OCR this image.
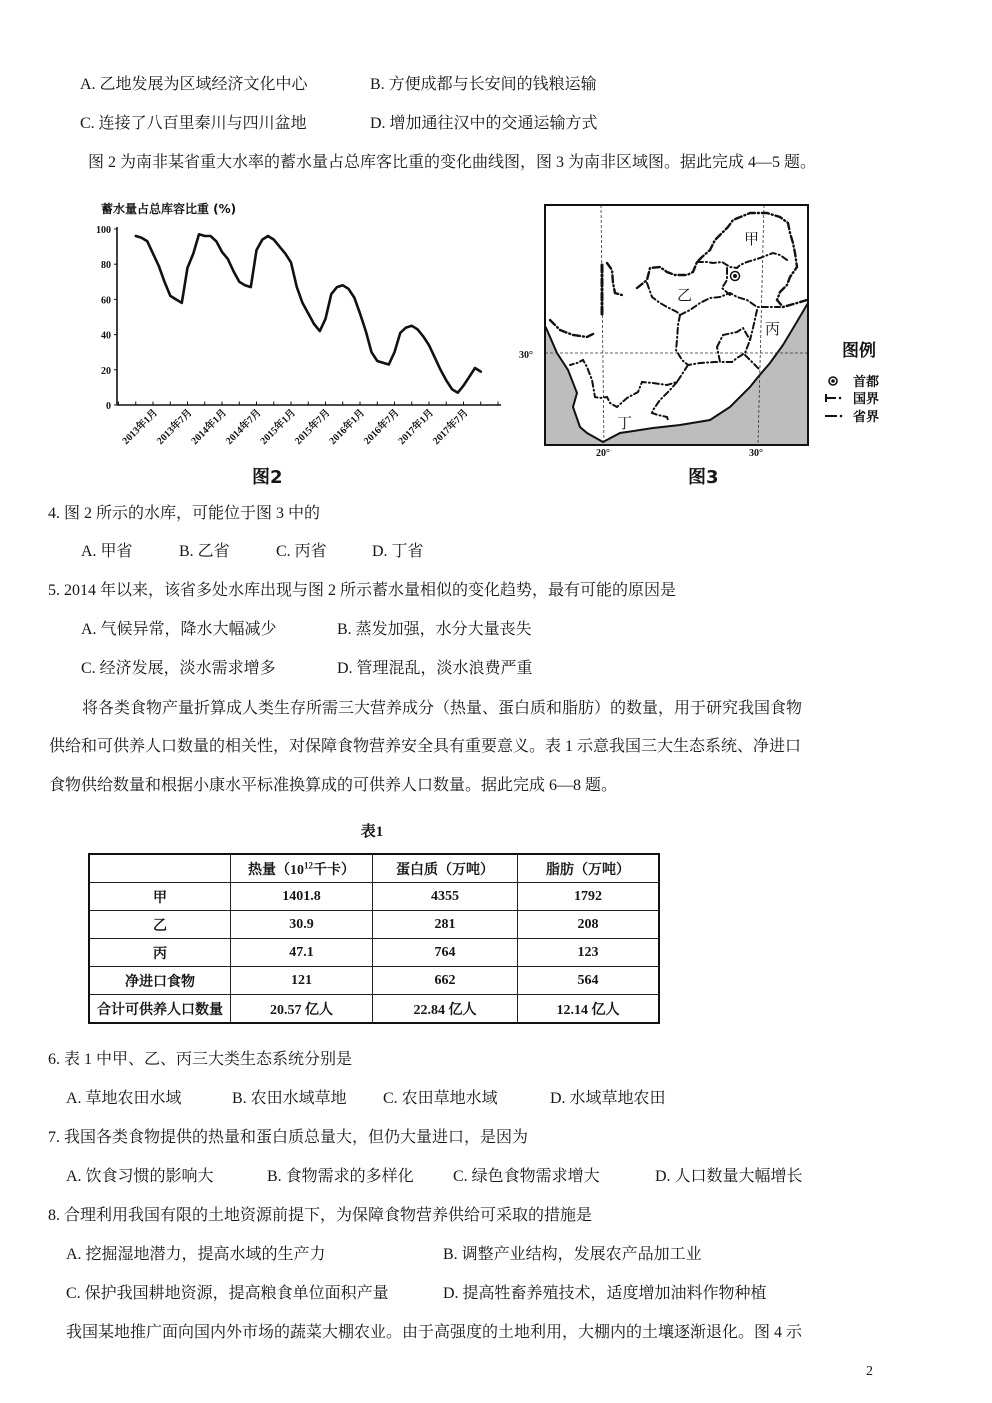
A. 乙地发展为区域经济文化中心	B. 方便成都与长安间的钱粮运输
C. 连接了八百里秦川与四川盆地	D. 增加通往汉中的交通运输方式
图 2 为南非某省重大水率的蓄水量占总库客比重的变化曲线图，图 3 为南非区域图。据此完成 4—5 题。
蓄水量占总库容比重 (%)
0
20
40
60
80
100
2013年1月
2013年7月
2014年1月
2014年7月
2015年1月
2015年7月
2016年1月
2016年7月
2017年1月
2017年7月
图2
甲
乙
丙
丁
30°
20°	30°
图例
首都
国界
省界
图3
4. 图 2 所示的水库，可能位于图 3 中的
A. 甲省	B. 乙省	C. 丙省	D. 丁省
5. 2014 年以来，该省多处水库出现与图 2 所示蓄水量相似的变化趋势，最有可能的原因是
A. 气候异常，降水大幅减少	B. 蒸发加强，水分大量丧失
C. 经济发展，淡水需求增多	D. 管理混乱，淡水浪费严重
将各类食物产量折算成人类生存所需三大营养成分（热量、蛋白质和脂肪）的数量，用于研究我国食物
供给和可供养人口数量的相关性，对保障食物营养安全具有重要意义。表 1 示意我国三大生态系统、净进口
食物供给数量和根据小康水平标准换算成的可供养人口数量。据此完成 6—8 题。
表1
	热量（$10^{12}$千卡）	蛋白质（万吨）	脂肪（万吨）
甲	1401.8	4355	1792
乙	30.9	281	208
丙	47.1	764	123
净进口食物	121	662	564
合计可供养人口数量	20.57 亿人	22.84 亿人	12.14 亿人
6. 表 1 中甲、乙、丙三大类生态系统分别是
A. 草地农田水域	B. 农田水域草地 C. 农田草地水域	D. 水域草地农田
7. 我国各类食物提供的热量和蛋白质总量大，但仍大量进口，是因为
A. 饮食习惯的影响大	B. 食物需求的多样化 C. 绿色食物需求增大	D. 人口数量大幅增长
8. 合理利用我国有限的土地资源前提下，为保障食物营养供给可采取的措施是
A. 挖掘湿地潜力，提高水域的生产力	B. 调整产业结构，发展农产品加工业
C. 保护我国耕地资源，提高粮食单位面积产量	D. 提高牲畜养殖技术，适度增加油料作物种植
我国某地推广面向国内外市场的蔬菜大棚农业。由于高强度的土地利用，大棚内的土壤逐渐退化。图 4 示
2
